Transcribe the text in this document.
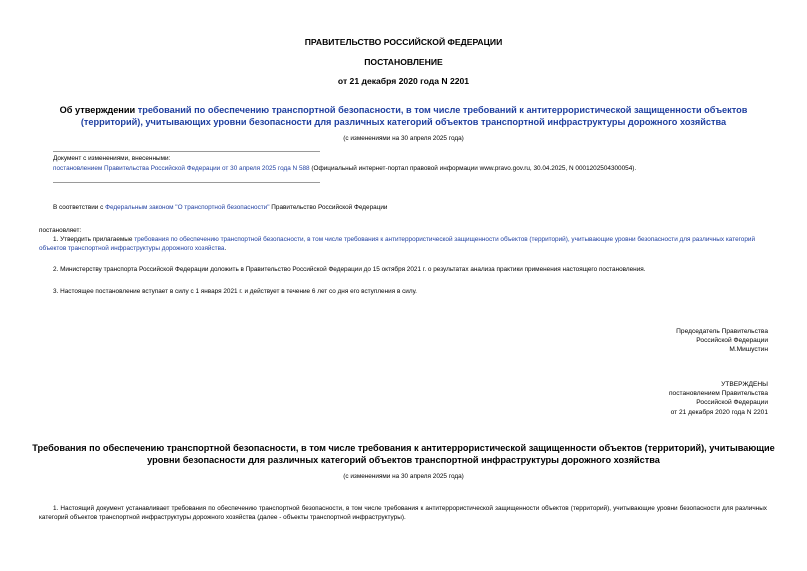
ПРАВИТЕЛЬСТВО РОССИЙСКОЙ ФЕДЕРАЦИИ
ПОСТАНОВЛЕНИЕ
от 21 декабря 2020 года N 2201
Об утверждении требований по обеспечению транспортной безопасности, в том числе требований к антитеррористической защищенности объектов (территорий), учитывающих уровни безопасности для различных категорий объектов транспортной инфраструктуры дорожного хозяйства
(с изменениями на 30 апреля 2025 года)
Документ с изменениями, внесенными:
постановлением Правительства Российской Федерации от 30 апреля 2025 года N 588 (Официальный интернет-портал правовой информации www.pravo.gov.ru, 30.04.2025, N 0001202504300054).
В соответствии с Федеральным законом "О транспортной безопасности" Правительство Российской Федерации
постановляет:
1. Утвердить прилагаемые требования по обеспечению транспортной безопасности, в том числе требования к антитеррористической защищенности объектов (территорий), учитывающие уровни безопасности для различных категорий объектов транспортной инфраструктуры дорожного хозяйства.
2. Министерству транспорта Российской Федерации доложить в Правительство Российской Федерации до 15 октября 2021 г. о результатах анализа практики применения настоящего постановления.
3. Настоящее постановление вступает в силу с 1 января 2021 г. и действует в течение 6 лет со дня его вступления в силу.
Председатель Правительства
Российской Федерации
М.Мишустин
УТВЕРЖДЕНЫ
постановлением Правительства
Российской Федерации
от 21 декабря 2020 года N 2201
Требования по обеспечению транспортной безопасности, в том числе требования к антитеррористической защищенности объектов (территорий), учитывающие уровни безопасности для различных категорий объектов транспортной инфраструктуры дорожного хозяйства
(с изменениями на 30 апреля 2025 года)
1. Настоящий документ устанавливает требования по обеспечению транспортной безопасности, в том числе требования к антитеррористической защищенности объектов (территорий), учитывающие уровни безопасности для различных категорий объектов транспортной инфраструктуры дорожного хозяйства (далее - объекты транспортной инфраструктуры).
